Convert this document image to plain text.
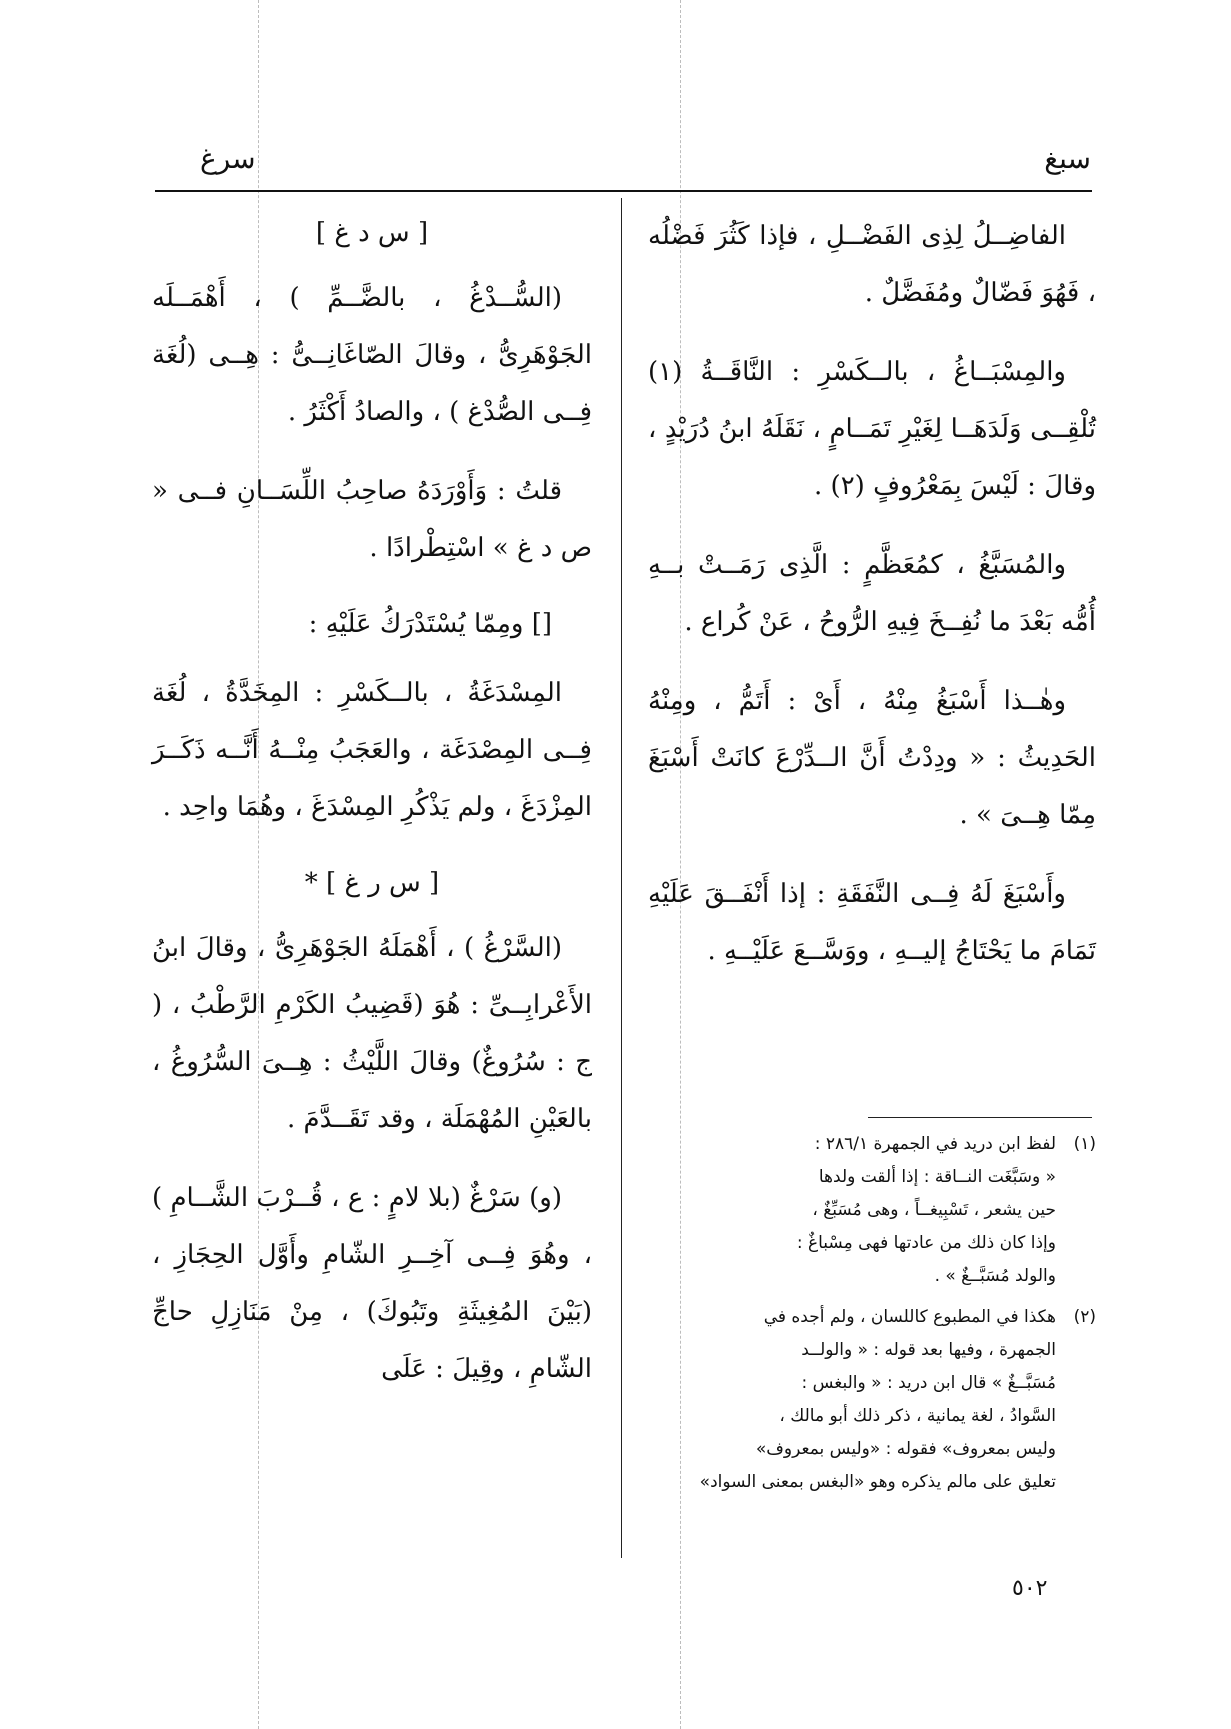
سبغ
سرغ

الفاضِــلُ لِذِى الفَضْــلِ ، فإذا كَثُرَ فَضْلُه ، فَهُوَ فَضّالٌ ومُفَضَّلٌ .

والمِسْبَــاغُ ، بالــكَسْرِ : النَّاقَــةُ (١) تُلْقِــى وَلَدَهَــا لِغَيْرِ تَمَــامٍ ، نَقَلَهُ ابنُ دُرَيْدٍ ، وقالَ : لَيْسَ بِمَعْرُوفٍ (٢) .

والمُسَبَّغُ ، كمُعَظَّمٍ : الَّذِى رَمَــتْ بــهِ أُمُّه بَعْدَ ما نُفِــخَ فِيهِ الرُّوحُ ، عَنْ كُراع .

وهٰــذا أَسْبَغُ مِنْهُ ، أَىْ : أَتَمُّ ، ومِنْهُ الحَدِيثُ : « ودِدْتُ أَنَّ الــدِّرْعَ كانَتْ أَسْبَغَ مِمّا هِــىَ » .

وأَسْبَغَ لَهُ فِــى النَّفَقَةِ : إذا أَنْفَــقَ عَلَيْهِ تَمَامَ ما يَحْتَاجُ إليــهِ ، ووَسَّــعَ عَلَيْــهِ .

(١)
لفظ ابن دريد في الجمهرة ٢٨٦/١ :
« وسَبَّغَت النــاقة : إذا ألقت ولدها
حين يشعر ، تَسْبِيغــاً ، وهى مُسَبِّغٌ ،
وإذا كان ذلك من عادتها فهى مِسْباغٌ :
والولد مُسَبَّــغٌ » .
(٢)
هكذا في المطبوع كاللسان ، ولم أجده في
الجمهرة ، وفيها بعد قوله : « والولــد
مُسَبَّــغٌ » قال ابن دريد : « والبغس :
السَّوادُ ، لغة يمانية ، ذكر ذلك أبو مالك ،
وليس بمعروف» فقوله : «وليس بمعروف»
تعليق على مالم يذكره وهو «البغس بمعنى السواد»
[ س د غ ]

(السُّــدْغُ ، بالضَّــمِّ ) ، أَهْمَــلَه الجَوْهَرِىُّ ، وقالَ الصّاغَانِــىُّ : هِــى (لُغَة فِــى الصُّدْغ ) ، والصادُ أَكْثَرُ .

قلتُ : وَأَوْرَدَهُ صاحِبُ اللِّسَــانِ فــى « ص د غ » اسْتِطْرادًا .

[] ومِمّا يُسْتَدْرَكُ عَلَيْهِ :

المِسْدَغَةُ ، بالــكَسْرِ : المِخَدَّةُ ، لُغَة فِــى المِصْدَغَة ، والعَجَبُ مِنْــهُ أَنَّــه ذَكَــرَ المِزْدَغَ ، ولم يَذْكُرِ المِسْدَغَ ، وهُمَا واحِد .

[ س ر غ ] *

(السَّرْغُ ) ، أَهْمَلَهُ الجَوْهَرِىُّ ، وقالَ ابنُ الأَعْرابِــىِّ : هُوَ (قَضِيبُ الكَرْمِ الرَّطْبُ ، ( ج : سُرُوغٌ) وقالَ اللَّيْثُ : هِــىَ السُّرُوغُ ، بالعَيْنِ المُهْمَلَة ، وقد تَقَــدَّمَ .

(و) سَرْغٌ (بلا لامٍ : ع ، قُــرْبَ الشَّــامِ ) ، وهُوَ فِــى آخِــرِ الشّامِ وأَوَّل الحِجَازِ ، (بَيْنَ المُغِيثَةِ وتَبُوكَ) ، مِنْ مَنَازِلِ حاجِّ الشّامِ ، وقِيلَ : عَلَى

٥٠٢
